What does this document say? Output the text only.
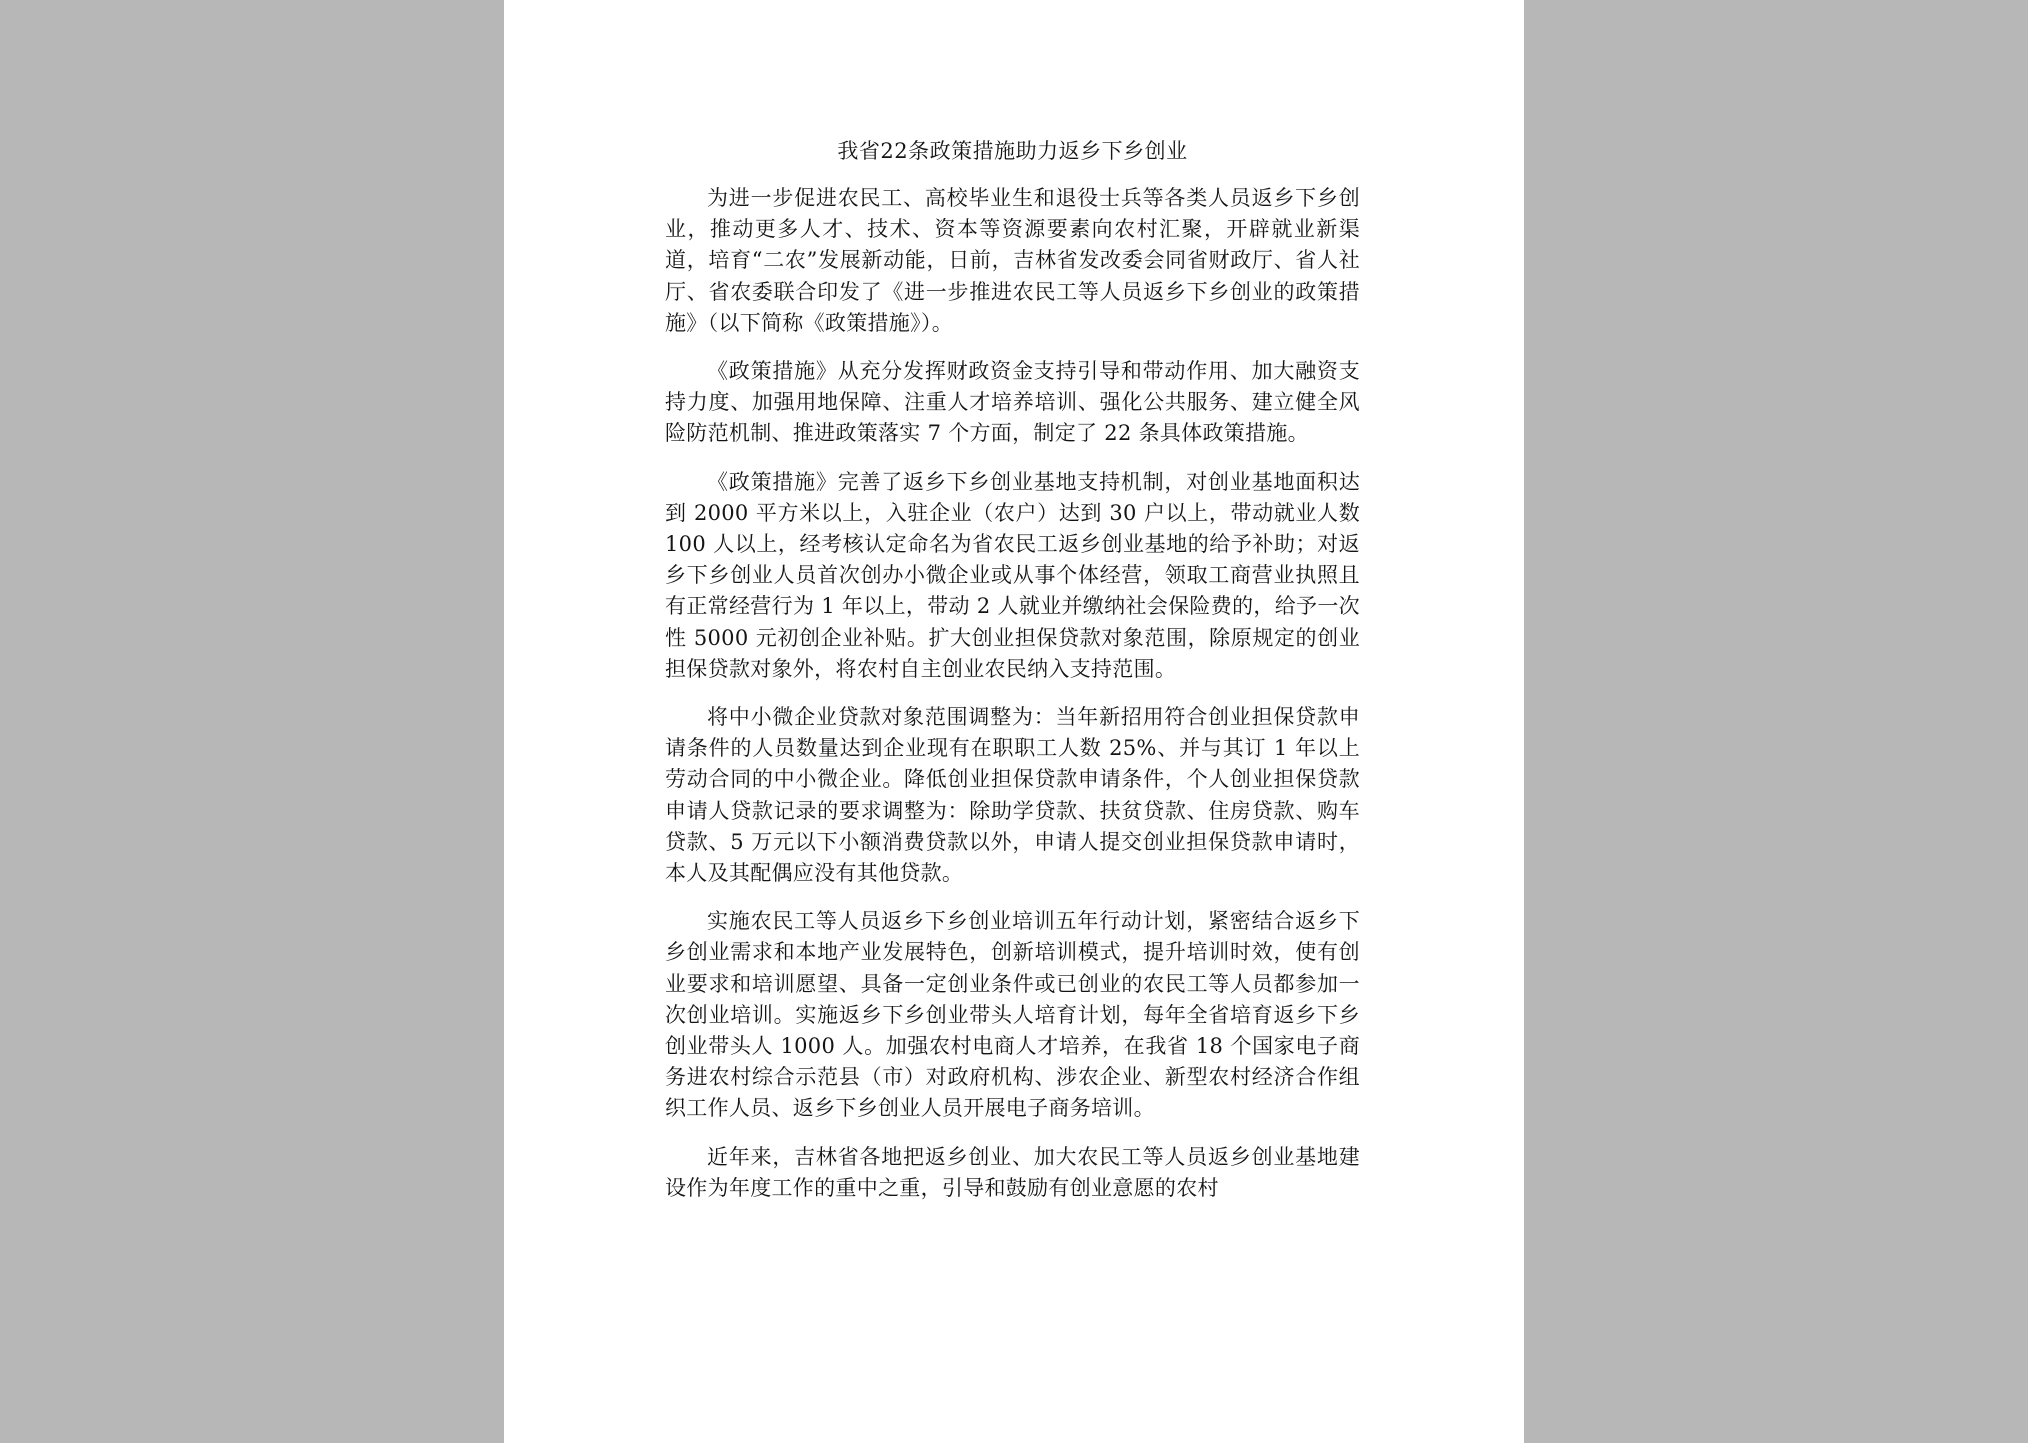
我省22条政策措施助力返乡下乡创业

为进一步促进农民工、高校毕业生和退役士兵等各类人员返乡下乡创业，推动更多人才、技术、资本等资源要素向农村汇聚，开辟就业新渠道，培育“二农”发展新动能，日前，吉林省发改委会同省财政厅、省人社厅、省农委联合印发了《进一步推进农民工等人员返乡下乡创业的政策措施》（以下简称《政策措施》）。

《政策措施》从充分发挥财政资金支持引导和带动作用、加大融资支持力度、加强用地保障、注重人才培养培训、强化公共服务、建立健全风险防范机制、推进政策落实 7 个方面，制定了 22 条具体政策措施。

《政策措施》完善了返乡下乡创业基地支持机制，对创业基地面积达到 2000 平方米以上，入驻企业（农户）达到 30 户以上，带动就业人数 100 人以上，经考核认定命名为省农民工返乡创业基地的给予补助；对返乡下乡创业人员首次创办小微企业或从事个体经营，领取工商营业执照且有正常经营行为 1 年以上，带动 2 人就业并缴纳社会保险费的，给予一次性 5000 元初创企业补贴。扩大创业担保贷款对象范围，除原规定的创业担保贷款对象外，将农村自主创业农民纳入支持范围。

将中小微企业贷款对象范围调整为：当年新招用符合创业担保贷款申请条件的人员数量达到企业现有在职职工人数 25%、并与其订 1 年以上劳动合同的中小微企业。降低创业担保贷款申请条件，个人创业担保贷款申请人贷款记录的要求调整为：除助学贷款、扶贫贷款、住房贷款、购车贷款、5 万元以下小额消费贷款以外，申请人提交创业担保贷款申请时，本人及其配偶应没有其他贷款。

实施农民工等人员返乡下乡创业培训五年行动计划，紧密结合返乡下乡创业需求和本地产业发展特色，创新培训模式，提升培训时效，使有创业要求和培训愿望、具备一定创业条件或已创业的农民工等人员都参加一次创业培训。实施返乡下乡创业带头人培育计划，每年全省培育返乡下乡创业带头人 1000 人。加强农村电商人才培养，在我省 18 个国家电子商务进农村综合示范县（市）对政府机构、涉农企业、新型农村经济合作组织工作人员、返乡下乡创业人员开展电子商务培训。

近年来，吉林省各地把返乡创业、加大农民工等人员返乡创业基地建设作为年度工作的重中之重，引导和鼓励有创业意愿的农村
